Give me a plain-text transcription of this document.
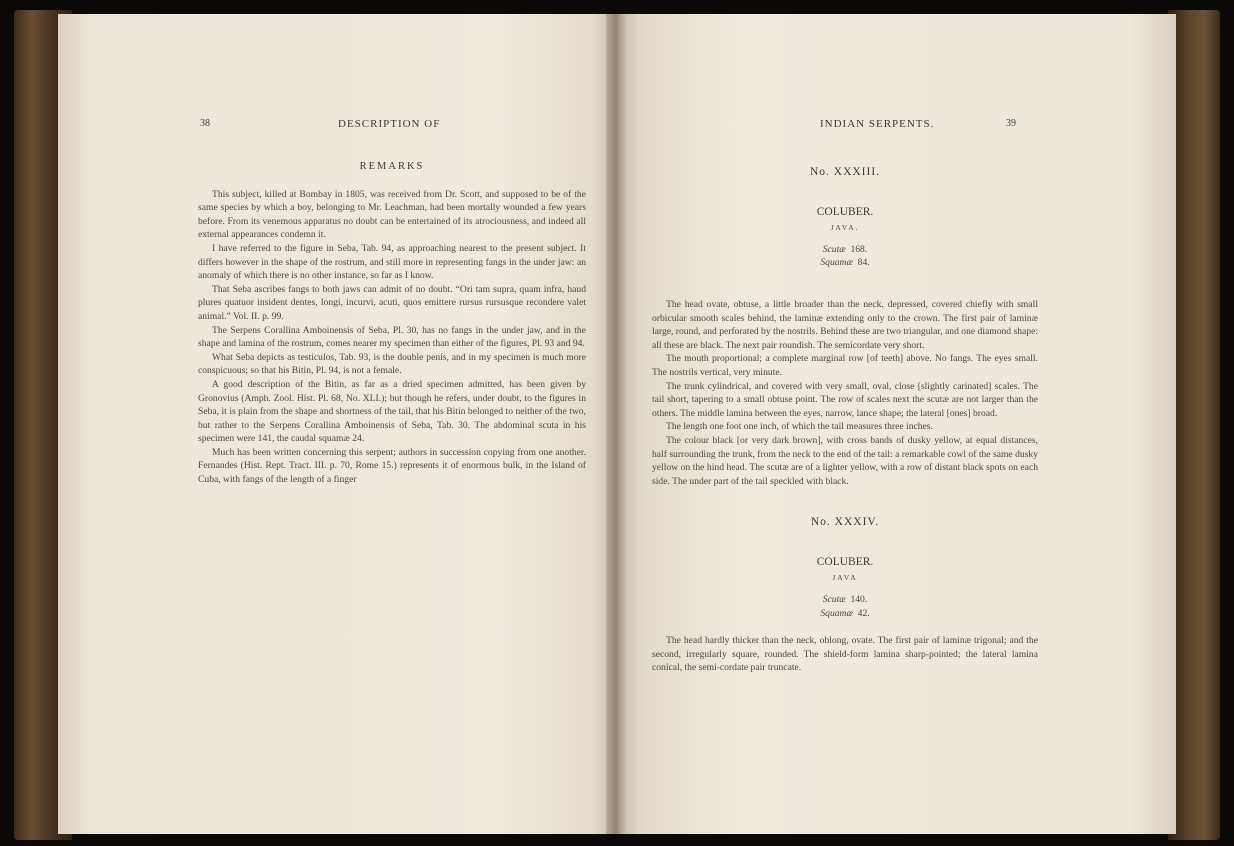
38	DESCRIPTION OF
REMARKS

This subject, killed at Bombay in 1805, was received from Dr. Scott, and supposed to be of the same species by which a boy, belonging to Mr. Leachman, had been mortally wounded a few years before. From its venemous apparatus no doubt can be entertained of its atrociousness, and indeed all external appearances condemn it.

I have referred to the figure in Seba, Tab. 94, as approaching nearest to the present subject. It differs however in the shape of the rostrum, and still more in representing fangs in the under jaw: an anomaly of which there is no other instance, so far as I know.

That Seba ascribes fangs to both jaws can admit of no doubt. “Ori tam supra, quam infra, haud plures quatuor insident dentes, longi, incurvi, acuti, quos emittere rursus rursusque recondere valet animal.” Vol. II. p. 99.

The Serpens Corallina Amboinensis of Seba, Pl. 30, has no fangs in the under jaw, and in the shape and lamina of the rostrum, comes nearer my specimen than either of the figures, Pl. 93 and 94.

What Seba depicts as testiculos, Tab. 93, is the double penis, and in my specimen is much more conspicuous; so that his Bitin, Pl. 94, is not a female.

A good description of the Bitin, as far as a dried specimen admitted, has been given by Gronovius (Amph. Zool. Hist. Pl. 68, No. XLI.); but though he refers, under doubt, to the figures in Seba, it is plain from the shape and shortness of the tail, that his Bitin belonged to neither of the two, but rather to the Serpens Corallina Amboinensis of Seba, Tab. 30. The abdominal scuta in his specimen were 141, the caudal squamæ 24.

Much has been written concerning this serpent; authors in succession copying from one another. Fernandes (Hist. Rept. Tract. III. p. 70, Rome 15.) represents it of enormous bulk, in the Island of Cuba, with fangs of the length of a finger

INDIAN SERPENTS.	39
No. XXXIII.
COLUBER.
JAVA.
Scutæ 168.
Squamæ 84.

The head ovate, obtuse, a little broader than the neck, depressed, covered chiefly with small orbicular smooth scales behind, the laminæ extending only to the crown. The first pair of laminæ large, round, and perforated by the nostrils. Behind these are two triangular, and one diamond shape: all these are black. The next pair roundish. The semicordate very short.

The mouth proportional; a complete marginal row [of teeth] above. No fangs. The eyes small. The nostrils vertical, very minute.

The trunk cylindrical, and covered with very small, oval, close [slightly carinated] scales. The tail short, tapering to a small obtuse point. The row of scales next the scutæ are not larger than the others. The middle lamina between the eyes, narrow, lance shape; the lateral [ones] broad.

The length one foot one inch, of which the tail measures three inches.

The colour black [or very dark brown], with cross bands of dusky yellow, at equal distances, half surrounding the trunk, from the neck to the end of the tail: a remarkable cowl of the same dusky yellow on the hind head. The scutæ are of a lighter yellow, with a row of distant black spots on each side. The under part of the tail speckled with black.

No. XXXIV.
COLUBER.
JAVA
Scutæ 140.
Squamæ 42.

The head hardly thicker than the neck, oblong, ovate. The first pair of laminæ trigonal; and the second, irregularly square, rounded. The shield-form lamina sharp-pointed; the lateral lamina conical, the semi-cordate pair truncate.
